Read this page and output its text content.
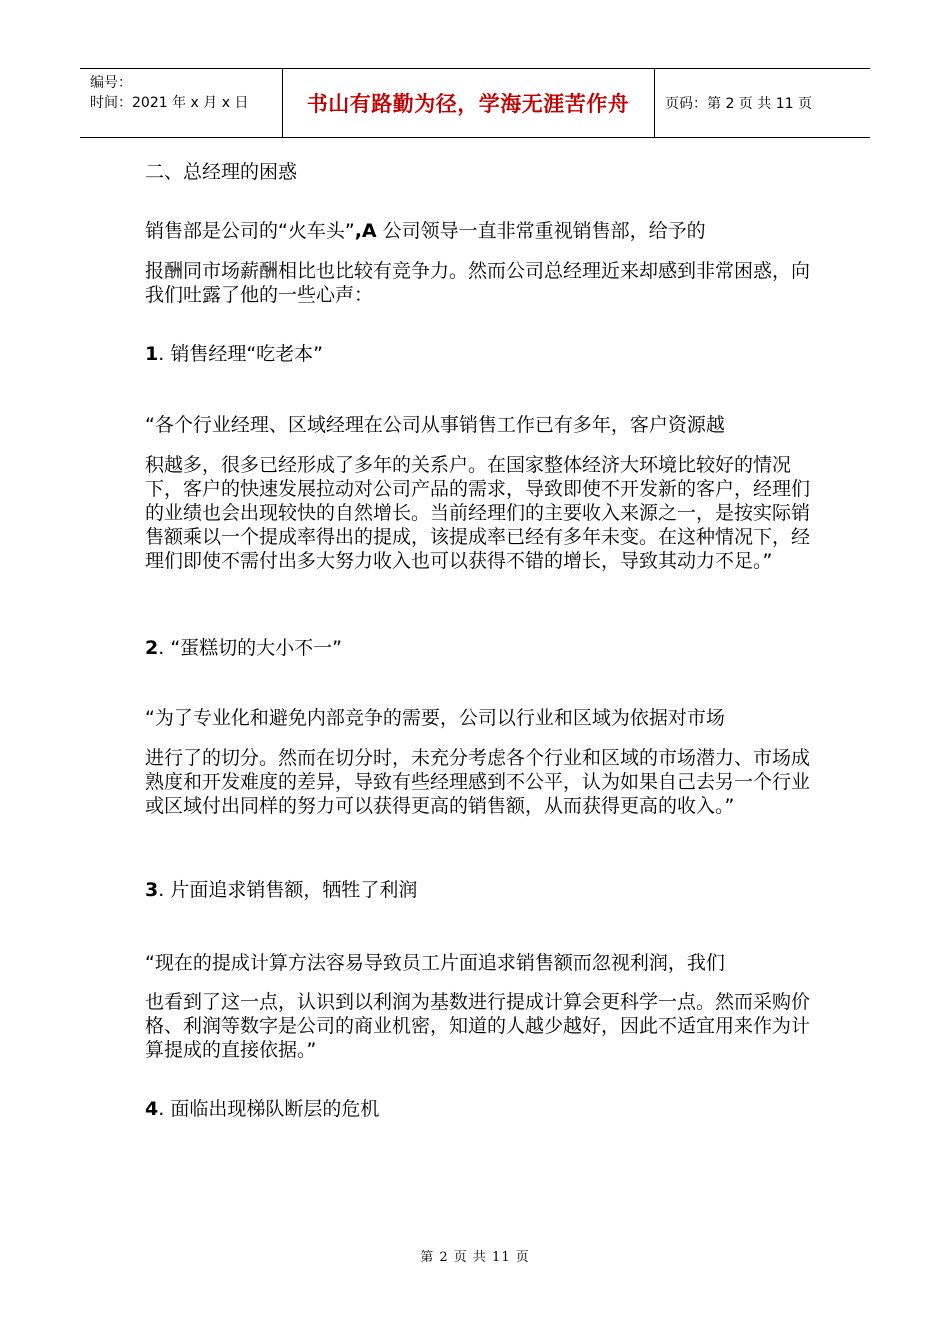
编号：
时间：2021 年 x 月 x 日	书山有路勤为径，学海无涯苦作舟	页码：第 2 页 共 11 页
二、总经理的困惑
销售部是公司的“火车头”,A 公司领导一直非常重视销售部，给予的
报酬同市场薪酬相比也比较有竞争力。然而公司总经理近来却感到非常困惑，向我们吐露了他的一些心声：
1. 销售经理“吃老本”
“各个行业经理、区域经理在公司从事销售工作已有多年，客户资源越
积越多，很多已经形成了多年的关系户。在国家整体经济大环境比较好的情况下，客户的快速发展拉动对公司产品的需求，导致即使不开发新的客户，经理们的业绩也会出现较快的自然增长。当前经理们的主要收入来源之一，是按实际销售额乘以一个提成率得出的提成，该提成率已经有多年未变。在这种情况下，经理们即使不需付出多大努力收入也可以获得不错的增长，导致其动力不足。”
2. “蛋糕切的大小不一”
“为了专业化和避免内部竞争的需要，公司以行业和区域为依据对市场
进行了的切分。然而在切分时，未充分考虑各个行业和区域的市场潜力、市场成熟度和开发难度的差异，导致有些经理感到不公平，认为如果自己去另一个行业或区域付出同样的努力可以获得更高的销售额，从而获得更高的收入。”
3. 片面追求销售额，牺牲了利润
“现在的提成计算方法容易导致员工片面追求销售额而忽视利润，我们
也看到了这一点，认识到以利润为基数进行提成计算会更科学一点。然而采购价格、利润等数字是公司的商业机密，知道的人越少越好，因此不适宜用来作为计算提成的直接依据。”
4. 面临出现梯队断层的危机
第 2 页 共 11 页
